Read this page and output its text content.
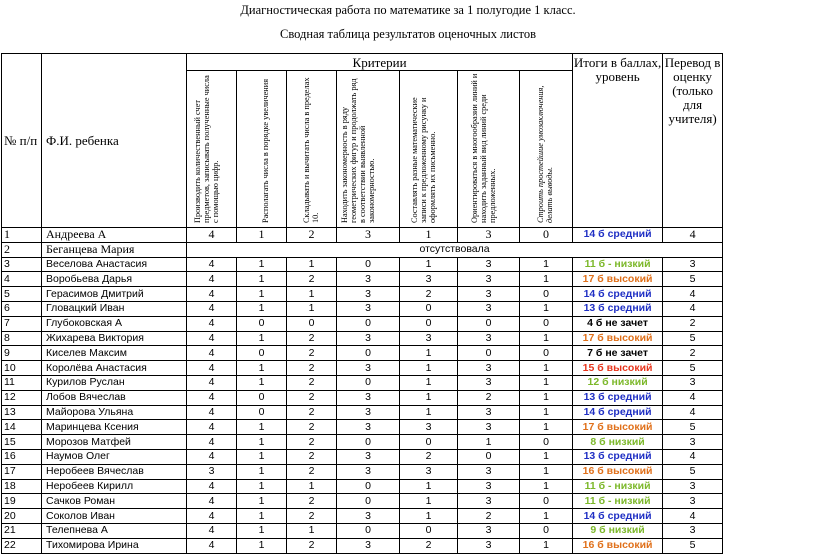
Диагностическая работа по математике за 1 полугодие 1 класс.
Сводная таблица результатов оценочных листов
№ п/п	Ф.И. ребенка	Критерии							Итоги в баллах, уровень	Перевод в оценку (только для учителя)

		Производить количественный счет предметов, записывать полученные числа с помощью цифр.	Располагать числа в порядке увеличения	Складывать и вычитать числа в пределах 10.	Находить закономерность в ряду геометрических фигур и продолжать ряд в соответствии выявленной закономерностью.	Составлять разные математические записи к предложенному рисунку и оформлять их письменно.	Ориентироваться в многообразии линий и находить заданный вид линий среди предложенных.	Строить простейшие умозаключения, делать выводы.		

1	Андреева А	4	1	2	3	1	3	0	14 б средний	4
2	Беганцева Мария	отсутствовала								
3	Веселова Анастасия	4	1	1	0	1	3	1	11 б - низкий	3
4	Воробьева Дарья	4	1	2	3	3	3	1	17 б высокий	5
5	Герасимов Дмитрий	4	1	1	3	2	3	0	14 б средний	4
6	Гловацкий Иван	4	1	1	3	0	3	1	13 б средний	4
7	Глубоковская А	4	0	0	0	0	0	0	4 б не зачет	2
8	Жихарева Виктория	4	1	2	3	3	3	1	17 б высокий	5
9	Киселев Максим	4	0	2	0	1	0	0	7 б не зачет	2
10	Королёва Анастасия	4	1	2	3	1	3	1	15 б высокий	5
11	Курилов Руслан	4	1	2	0	1	3	1	12 б низкий	3
12	Лобов Вячеслав	4	0	2	3	1	2	1	13 б средний	4
13	Майорова Ульяна	4	0	2	3	1	3	1	14 б средний	4
14	Маринцева Ксения	4	1	2	3	3	3	1	17 б высокий	5
15	Морозов Матфей	4	1	2	0	0	1	0	8 б низкий	3
16	Наумов Олег	4	1	2	3	2	0	1	13 б средний	4
17	Неробеев Вячеслав	3	1	2	3	3	3	1	16 б высокий	5
18	Неробеев Кирилл	4	1	1	0	1	3	1	11 б - низкий	3
19	Сачков Роман	4	1	2	0	1	3	0	11 б - низкий	3
20	Соколов Иван	4	1	2	3	1	2	1	14 б средний	4
21	Телепнева А	4	1	1	0	0	3	0	9 б низкий	3
22	Тихомирова Ирина	4	1	2	3	2	3	1	16 б высокий	5
